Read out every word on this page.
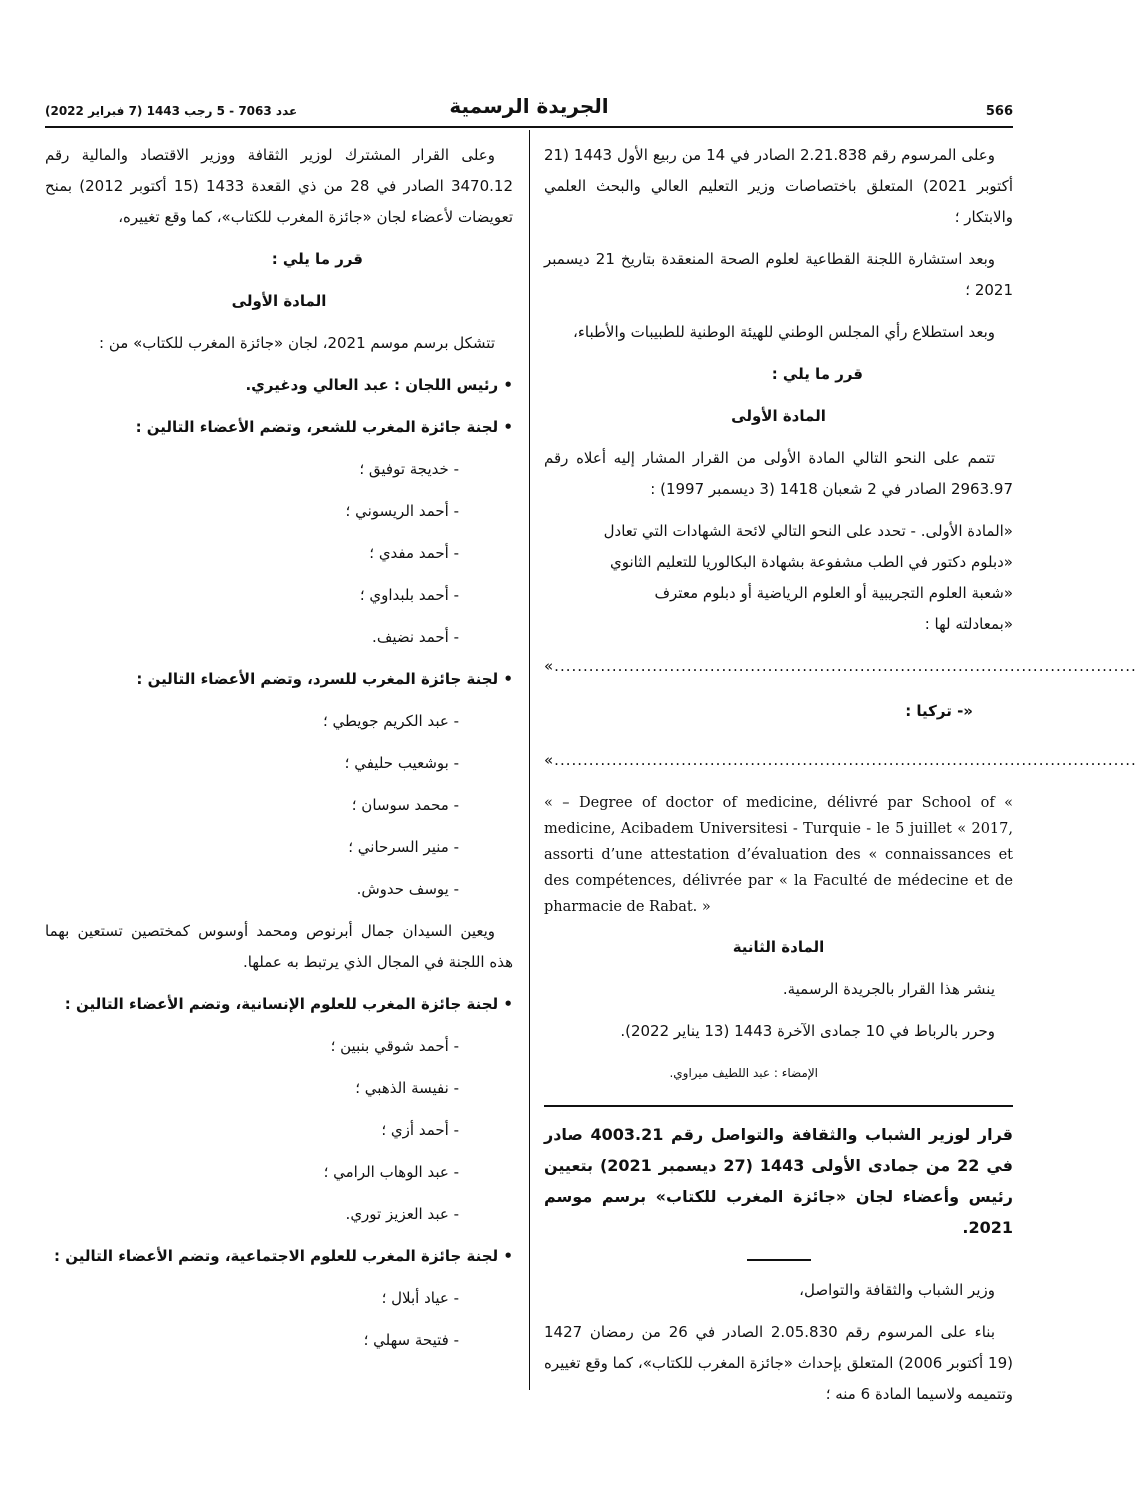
566
الجريدة الرسمية
عدد 7063 - 5 رجب 1443 (7 فبراير 2022)

وعلى المرسوم رقم 2.21.838 الصادر في 14 من ربيع الأول 1443 (21 أكتوبر 2021) المتعلق باختصاصات وزير التعليم العالي والبحث العلمي والابتكار ؛

وبعد استشارة اللجنة القطاعية لعلوم الصحة المنعقدة بتاريخ 21 ديسمبر 2021 ؛

وبعد استطلاع رأي المجلس الوطني للهيئة الوطنية للطبيبات والأطباء،

قرر ما يلي :

المادة الأولى

تتمم على النحو التالي المادة الأولى من القرار المشار إليه أعلاه رقم 2963.97 الصادر في 2 شعبان 1418 (3 ديسمبر 1997) :

«المادة الأولى. - تحدد على النحو التالي لائحة الشهادات التي تعادل
«دبلوم دكتور في الطب مشفوعة بشهادة البكالوريا للتعليم الثانوي
«شعبة العلوم التجريبية أو العلوم الرياضية أو دبلوم معترف
«بمعادلته لها :
«.....................................................................................................

«- تركيا :

«.....................................................................................................

« – Degree of doctor of medicine, délivré par School of « medicine, Acibadem Universitesi - Turquie - le 5 juillet « 2017, assorti d’une attestation d’évaluation des « connaissances et des compétences, délivrée par « la Faculté de médecine et de pharmacie de Rabat. »

المادة الثانية

ينشر هذا القرار بالجريدة الرسمية.

وحرر بالرباط في 10 جمادى الآخرة 1443 (13 يناير 2022).

الإمضاء : عبد اللطيف ميراوي.

قرار لوزير الشباب والثقافة والتواصل رقم 4003.21 صادر في 22 من جمادى الأولى 1443 (27 ديسمبر 2021) بتعيين رئيس وأعضاء لجان «جائزة المغرب للكتاب» برسم موسم 2021.

وزير الشباب والثقافة والتواصل،

بناء على المرسوم رقم 2.05.830 الصادر في 26 من رمضان 1427 (19 أكتوبر 2006) المتعلق بإحداث «جائزة المغرب للكتاب»، كما وقع تغييره وتتميمه ولاسيما المادة 6 منه ؛

وعلى القرار المشترك لوزير الثقافة ووزير الاقتصاد والمالية رقم 3470.12 الصادر في 28 من ذي القعدة 1433 (15 أكتوبر 2012) بمنح تعويضات لأعضاء لجان «جائزة المغرب للكتاب»، كما وقع تغييره،

قرر ما يلي :

المادة الأولى

تتشكل برسم موسم 2021، لجان «جائزة المغرب للكتاب» من :

• رئيس اللجان : عبد العالي ودغيري.

• لجنة جائزة المغرب للشعر، وتضم الأعضاء التالين :

- خديجة توفيق ؛

- أحمد الريسوني ؛

- أحمد مفدي ؛

- أحمد بلبداوي ؛

- أحمد نضيف.

• لجنة جائزة المغرب للسرد، وتضم الأعضاء التالين :

- عبد الكريم جويطي ؛

- بوشعيب حليفي ؛

- محمد سوسان ؛

- منير السرحاني ؛

- يوسف حدوش.

ويعين السيدان جمال أبرنوص ومحمد أوسوس كمختصين تستعين بهما هذه اللجنة في المجال الذي يرتبط به عملها.

• لجنة جائزة المغرب للعلوم الإنسانية، وتضم الأعضاء التالين :

- أحمد شوقي بنبين ؛

- نفيسة الذهبي ؛

- أحمد أزي ؛

- عبد الوهاب الرامي ؛

- عبد العزيز توري.

• لجنة جائزة المغرب للعلوم الاجتماعية، وتضم الأعضاء التالين :

- عياد أبلال ؛

- فتيحة سهلي ؛
